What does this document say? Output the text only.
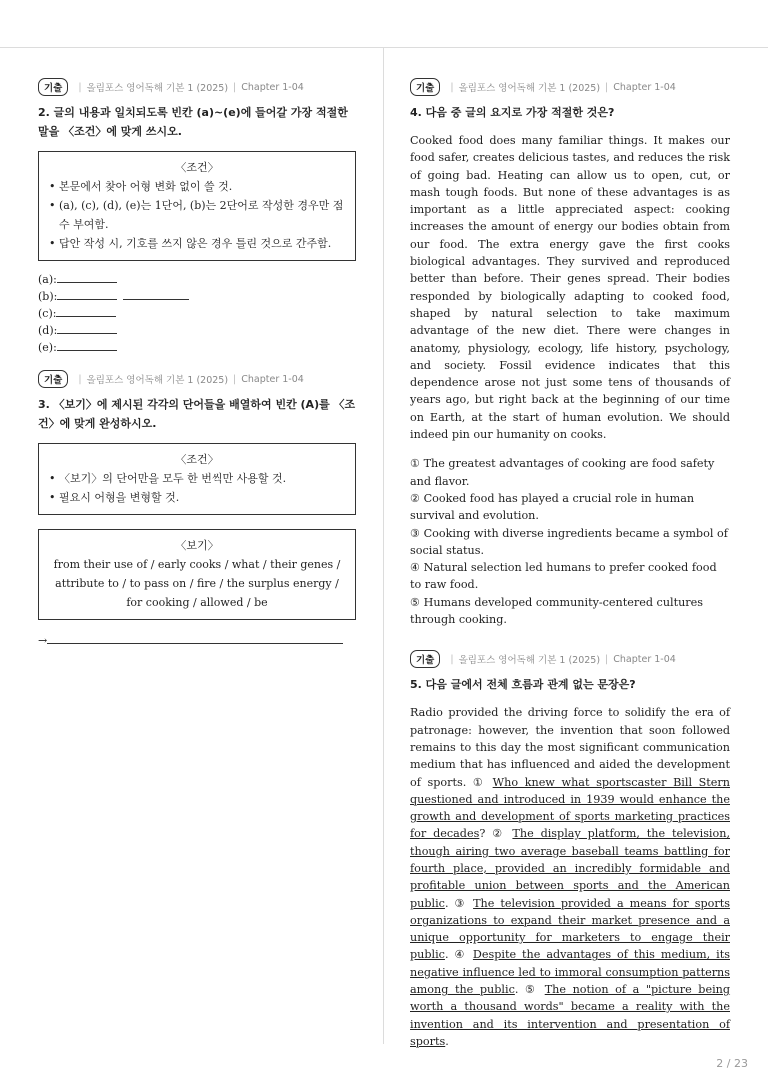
기출	| 올림포스 영어독해 기본 1 (2025) | Chapter 1-04
2. 글의 내용과 일치되도록 빈칸 (a)~(e)에 들어갈 가장 적절한 말을 〈조건〉에 맞게 쓰시오.
〈조건〉
• 본문에서 찾아 어형 변화 없이 쓸 것.
• (a), (c), (d), (e)는 1단어, (b)는 2단어로 작성한 경우만 점수 부여함.
• 답안 작성 시, 기호를 쓰지 않은 경우 틀린 것으로 간주함.
(a):
(b):
(c):
(d):
(e):
기출	| 올림포스 영어독해 기본 1 (2025) | Chapter 1-04
3. 〈보기〉에 제시된 각각의 단어들을 배열하여 빈칸 (A)를 〈조건〉에 맞게 완성하시오.
〈조건〉
• 〈보기〉의 단어만을 모두 한 번씩만 사용할 것.
• 필요시 어형을 변형할 것.
〈보기〉
from their use of / early cooks / what / their genes / attribute to / to pass on / fire / the surplus energy / for cooking / allowed / be
→
기출	| 올림포스 영어독해 기본 1 (2025) | Chapter 1-04
4. 다음 중 글의 요지로 가장 적절한 것은?
Cooked food does many familiar things. It makes our food safer, creates delicious tastes, and reduces the risk of going bad. Heating can allow us to open, cut, or mash tough foods. But none of these advantages is as important as a little appreciated aspect: cooking increases the amount of energy our bodies obtain from our food. The extra energy gave the first cooks biological advantages. They survived and reproduced better than before. Their genes spread. Their bodies responded by biologically adapting to cooked food, shaped by natural selection to take maximum advantage of the new diet. There were changes in anatomy, physiology, ecology, life history, psychology, and society. Fossil evidence indicates that this dependence arose not just some tens of thousands of years ago, but right back at the beginning of our time on Earth, at the start of human evolution. We should indeed pin our humanity on cooks.
① The greatest advantages of cooking are food safety and flavor.
② Cooked food has played a crucial role in human survival and evolution.
③ Cooking with diverse ingredients became a symbol of social status.
④ Natural selection led humans to prefer cooked food to raw food.
⑤ Humans developed community-centered cultures through cooking.
기출	| 올림포스 영어독해 기본 1 (2025) | Chapter 1-04
5. 다음 글에서 전체 흐름과 관계 없는 문장은?
Radio provided the driving force to solidify the era of patronage: however, the invention that soon followed remains to this day the most significant communication medium that has influenced and aided the development of sports. ① Who knew what sportscaster Bill Stern questioned and introduced in 1939 would enhance the growth and development of sports marketing practices for decades? ② The display platform, the television, though airing two average baseball teams battling for fourth place, provided an incredibly formidable and profitable union between sports and the American public. ③ The television provided a means for sports organizations to expand their market presence and a unique opportunity for marketers to engage their public. ④ Despite the advantages of this medium, its negative influence led to immoral consumption patterns among the public. ⑤ The notion of a "picture being worth a thousand words" became a reality with the invention and its intervention and presentation of sports.
2 / 23
